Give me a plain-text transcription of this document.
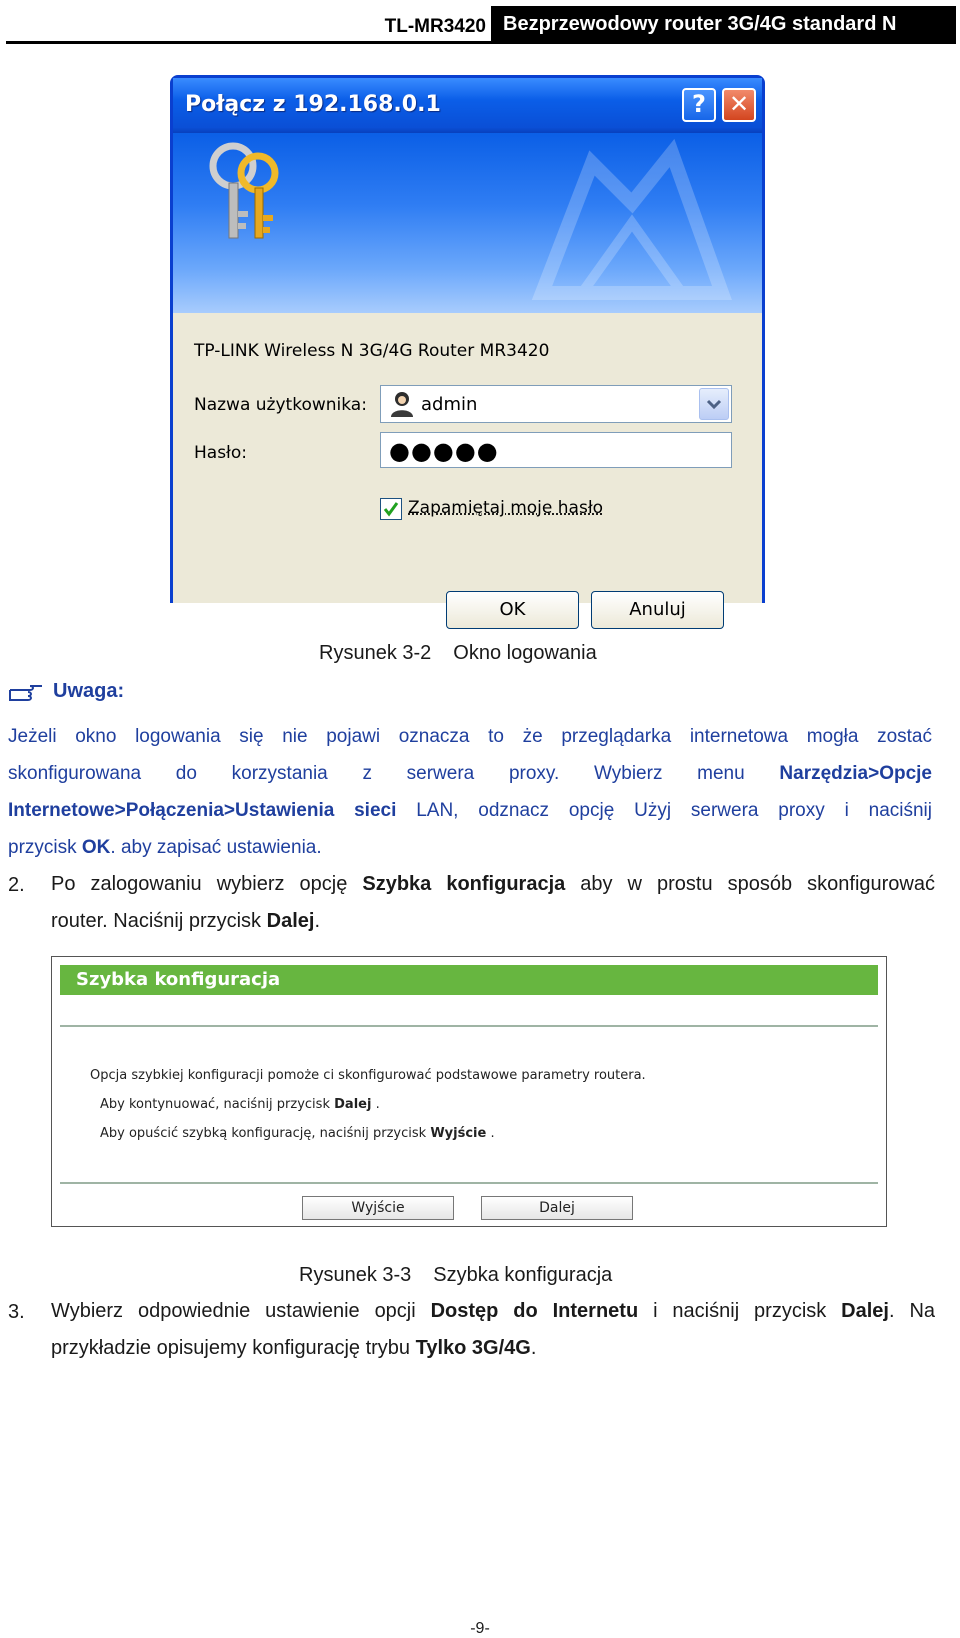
TL-MR3420 Bezprzewodowy router 3G/4G standard N
Połącz z 192.168.0.1	? ✕
TP-LINK Wireless N 3G/4G Router MR3420
Nazwa użytkownika:	admin
Hasło:	●●●●●
Zapamiętaj moje hasło
OK	Anuluj
Rysunek 3-2 Okno logowania
Uwaga:
Jeżeli okno logowania się nie pojawi oznacza to że przeglądarka internetowa mogła zostać
skonfigurowana do korzystania z serwera proxy. Wybierz menu Narzędzia>Opcje
Internetowe>Połączenia>Ustawienia sieci LAN, odznacz opcję Użyj serwera proxy i naciśnij
przycisk OK. aby zapisać ustawienia.
2. Po zalogowaniu wybierz opcję Szybka konfiguracja aby w prostu sposób skonfigurować
router. Naciśnij przycisk Dalej.
Szybka konfiguracja
Opcja szybkiej konfiguracji pomoże ci skonfigurować podstawowe parametry routera.
Aby kontynuować, naciśnij przycisk Dalej .
Aby opuścić szybką konfigurację, naciśnij przycisk Wyjście .
Wyjście	Dalej
Rysunek 3-3 Szybka konfiguracja
3. Wybierz odpowiednie ustawienie opcji Dostęp do Internetu i naciśnij przycisk Dalej. Na
przykładzie opisujemy konfigurację trybu Tylko 3G/4G.
-9-
